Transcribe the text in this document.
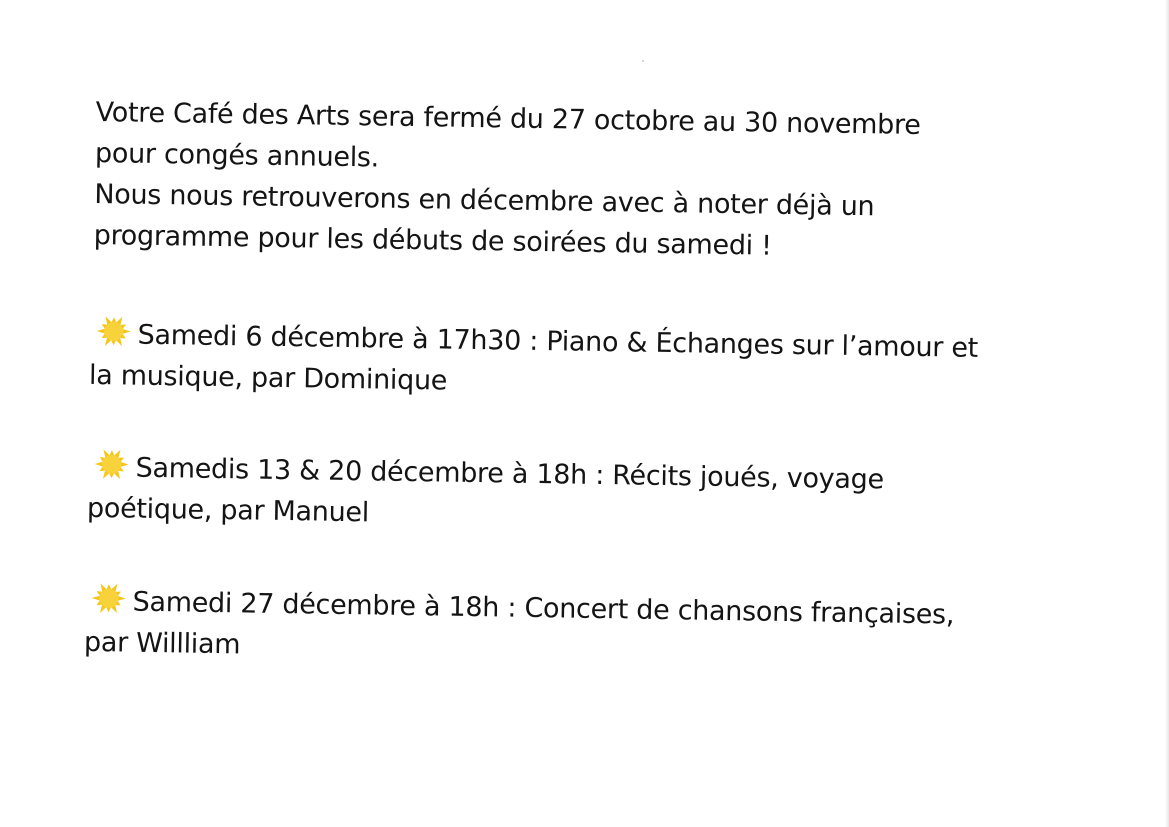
Votre Café des Arts sera fermé du 27 octobre au 30 novembre
pour congés annuels.
Nous nous retrouverons en décembre avec à noter déjà un
programme pour les débuts de soirées du samedi !
Samedi 6 décembre à 17h30 : Piano & Échanges sur l’amour et
la musique, par Dominique
Samedis 13 & 20 décembre à 18h : Récits joués, voyage
poétique, par Manuel
Samedi 27 décembre à 18h : Concert de chansons françaises,
par Willliam
